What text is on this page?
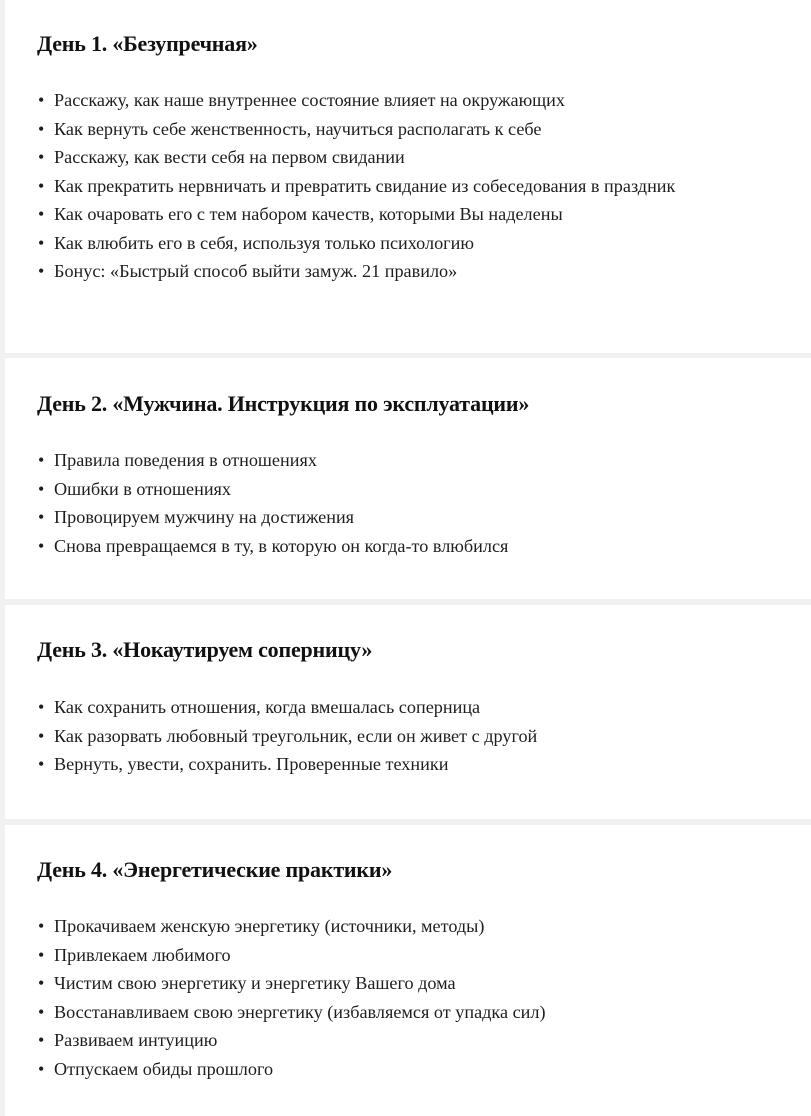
День 1. «Безупречная»
• Расскажу, как наше внутреннее состояние влияет на окружающих
• Как вернуть себе женственность, научиться располагать к себе
• Расскажу, как вести себя на первом свидании
• Как прекратить нервничать и превратить свидание из собеседования в праздник
• Как очаровать его с тем набором качеств, которыми Вы наделены
• Как влюбить его в себя, используя только психологию
• Бонус: «Быстрый способ выйти замуж. 21 правило»
День 2. «Мужчина. Инструкция по эксплуатации»
• Правила поведения в отношениях
• Ошибки в отношениях
• Провоцируем мужчину на достижения
• Снова превращаемся в ту, в которую он когда-то влюбился
День 3. «Нокаутируем соперницу»
• Как сохранить отношения, когда вмешалась соперница
• Как разорвать любовный треугольник, если он живет с другой
• Вернуть, увести, сохранить. Проверенные техники
День 4. «Энергетические практики»
• Прокачиваем женскую энергетику (источники, методы)
• Привлекаем любимого
• Чистим свою энергетику и энергетику Вашего дома
• Восстанавливаем свою энергетику (избавляемся от упадка сил)
• Развиваем интуицию
• Отпускаем обиды прошлого
